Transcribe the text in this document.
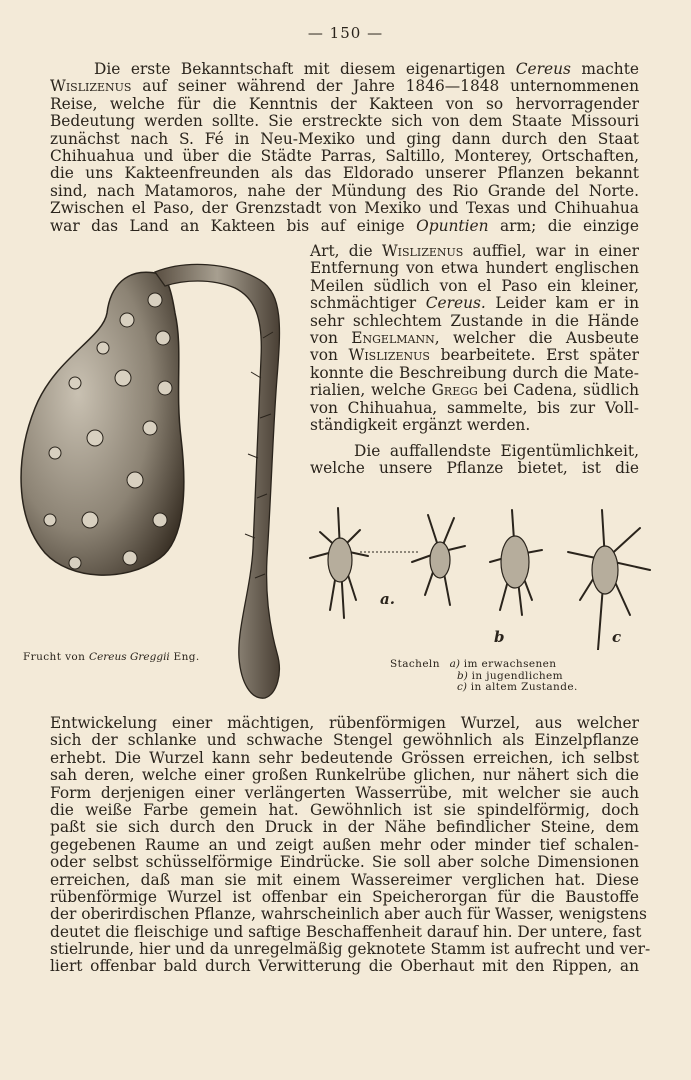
— 150 —
Die erste Bekanntschaft mit diesem eigenartigen Cereus machte
Wislizenus auf seiner während der Jahre 1846—1848 unternommenen
Reise, welche für die Kenntnis der Kakteen von so hervorragender
Bedeutung werden sollte. Sie erstreckte sich von dem Staate Missouri
zunächst nach S. Fé in Neu-Mexiko und ging dann durch den Staat
Chihuahua und über die Städte Parras, Saltillo, Monterey, Ortschaften,
die uns Kakteenfreunden als das Eldorado unserer Pflanzen bekannt
sind, nach Matamoros, nahe der Mündung des Rio Grande del Norte.
Zwischen el Paso, der Grenzstadt von Mexiko und Texas und Chihuahua
war das Land an Kakteen bis auf einige Opuntien arm; die einzige
Art, die Wislizenus auffiel, war in einer
Entfernung von etwa hundert englischen
Meilen südlich von el Paso ein kleiner,
schmächtiger Cereus. Leider kam er in
sehr schlechtem Zustande in die Hände
von Engelmann, welcher die Ausbeute
von Wislizenus bearbeitete. Erst später
konnte die Beschreibung durch die Mate-
rialien, welche Gregg bei Cadena, südlich
von Chihuahua, sammelte, bis zur Voll-
ständigkeit ergänzt werden.
Die auffallendste Eigentümlichkeit,
welche unsere Pflanze bietet, ist die
a.
b	c
Frucht von Cereus Greggii Eng.
Stacheln a) im erwachsenen
b) in jugendlichem
c) in altem Zustande.
Entwickelung einer mächtigen, rübenförmigen Wurzel, aus welcher
sich der schlanke und schwache Stengel gewöhnlich als Einzelpflanze
erhebt. Die Wurzel kann sehr bedeutende Grössen erreichen, ich selbst
sah deren, welche einer großen Runkelrübe glichen, nur nähert sich die
Form derjenigen einer verlängerten Wasserrübe, mit welcher sie auch
die weiße Farbe gemein hat. Gewöhnlich ist sie spindelförmig, doch
paßt sie sich durch den Druck in der Nähe befindlicher Steine, dem
gegebenen Raume an und zeigt außen mehr oder minder tief schalen-
oder selbst schüsselförmige Eindrücke. Sie soll aber solche Dimensionen
erreichen, daß man sie mit einem Wassereimer verglichen hat. Diese
rübenförmige Wurzel ist offenbar ein Speicherorgan für die Baustoffe
der oberirdischen Pflanze, wahrscheinlich aber auch für Wasser, wenigstens
deutet die fleischige und saftige Beschaffenheit darauf hin. Der untere, fast
stielrunde, hier und da unregelmäßig geknotete Stamm ist aufrecht und ver-
liert offenbar bald durch Verwitterung die Oberhaut mit den Rippen, an
